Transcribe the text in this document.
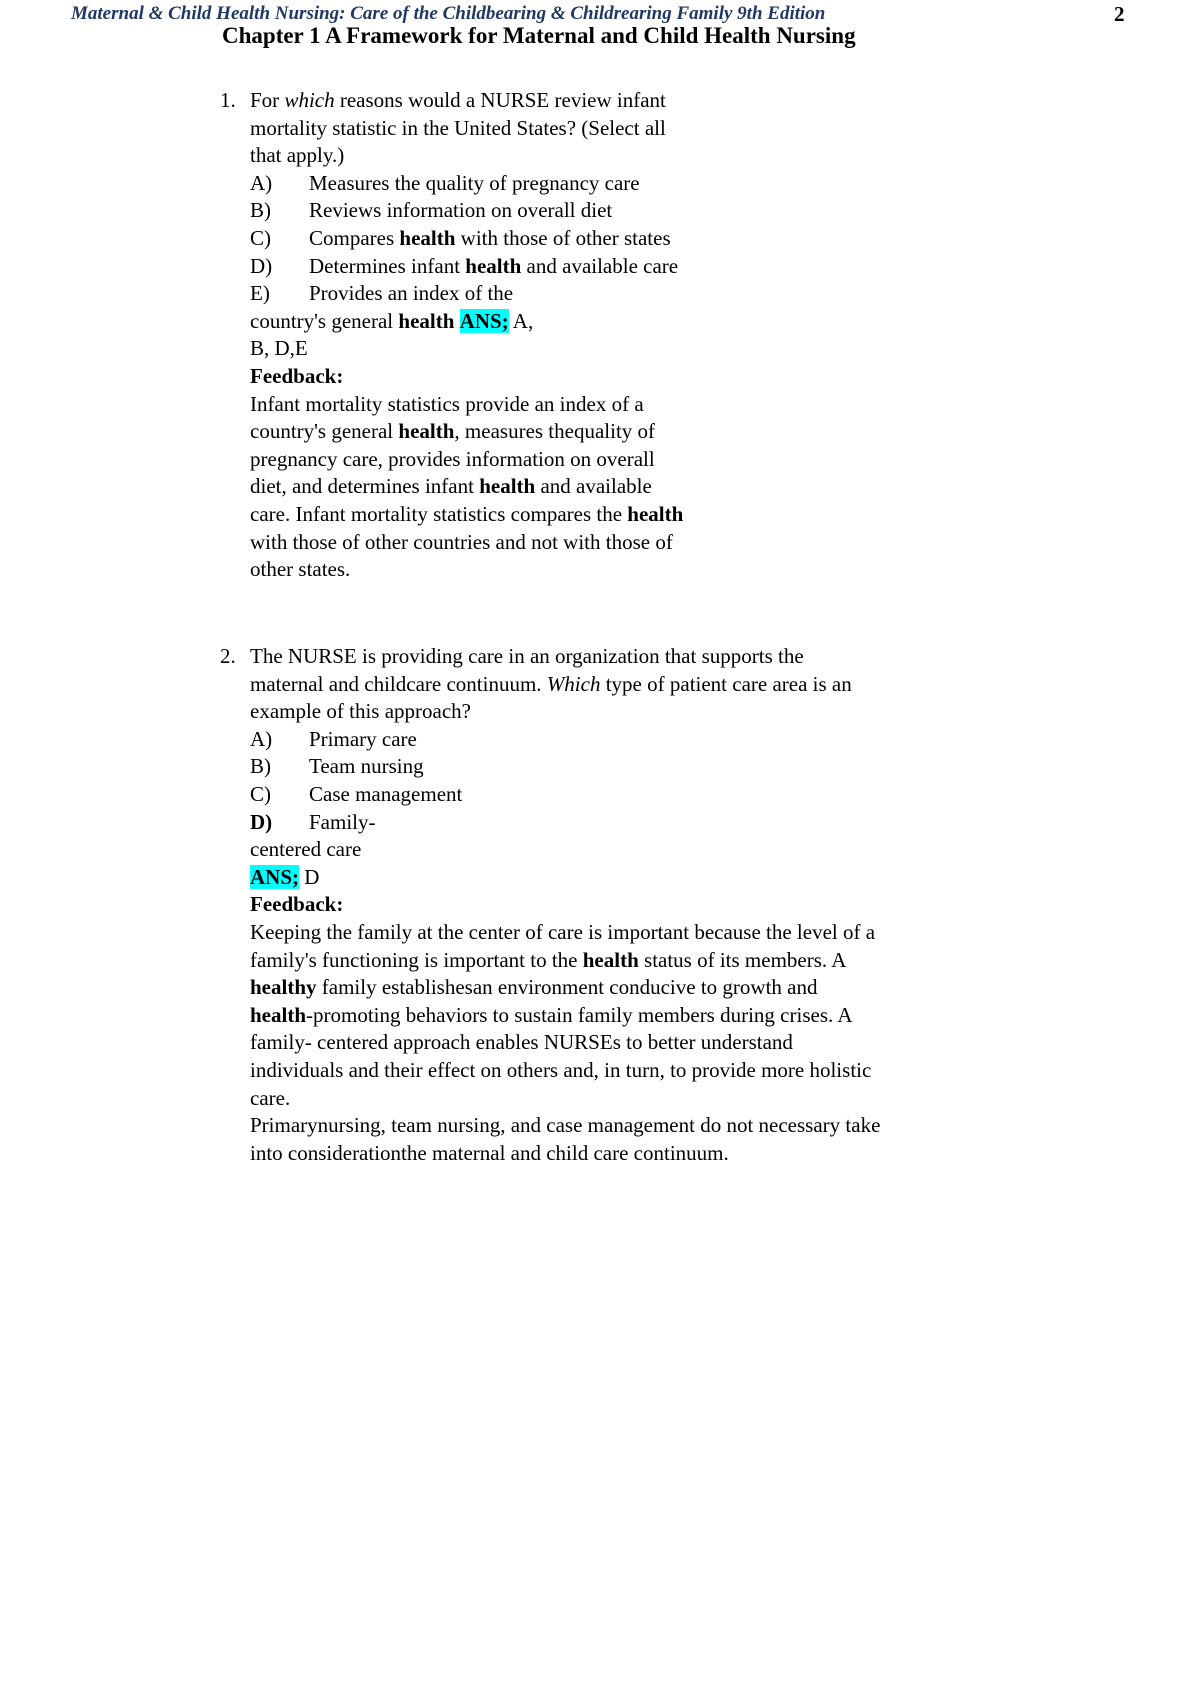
Maternal & Child Health Nursing: Care of the Childbearing & Childrearing Family 9th Edition	2
Chapter 1 A Framework for Maternal and Child Health Nursing
1. For which reasons would a NURSE review infant
mortality statistic in the United States? (Select all
that apply.)
A) Measures the quality of pregnancy care
B) Reviews information on overall diet
C) Compares health with those of other states
D) Determines infant health and available care
E) Provides an index of the
country's general health ANS; A,
B, D,E
Feedback:
Infant mortality statistics provide an index of a
country's general health, measures thequality of
pregnancy care, provides information on overall
diet, and determines infant health and available
care. Infant mortality statistics compares the health
with those of other countries and not with those of
other states.
2. The NURSE is providing care in an organization that supports the
maternal and childcare continuum. Which type of patient care area is an
example of this approach?
A) Primary care
B) Team nursing
C) Case management
D) Family-
centered care
ANS; D
Feedback:
Keeping the family at the center of care is important because the level of a
family's functioning is important to the health status of its members. A
healthy family establishesan environment conducive to growth and
health-promoting behaviors to sustain family members during crises. A
family- centered approach enables NURSEs to better understand
individuals and their effect on others and, in turn, to provide more holistic
care.
Primarynursing, team nursing, and case management do not necessary take
into considerationthe maternal and child care continuum.
